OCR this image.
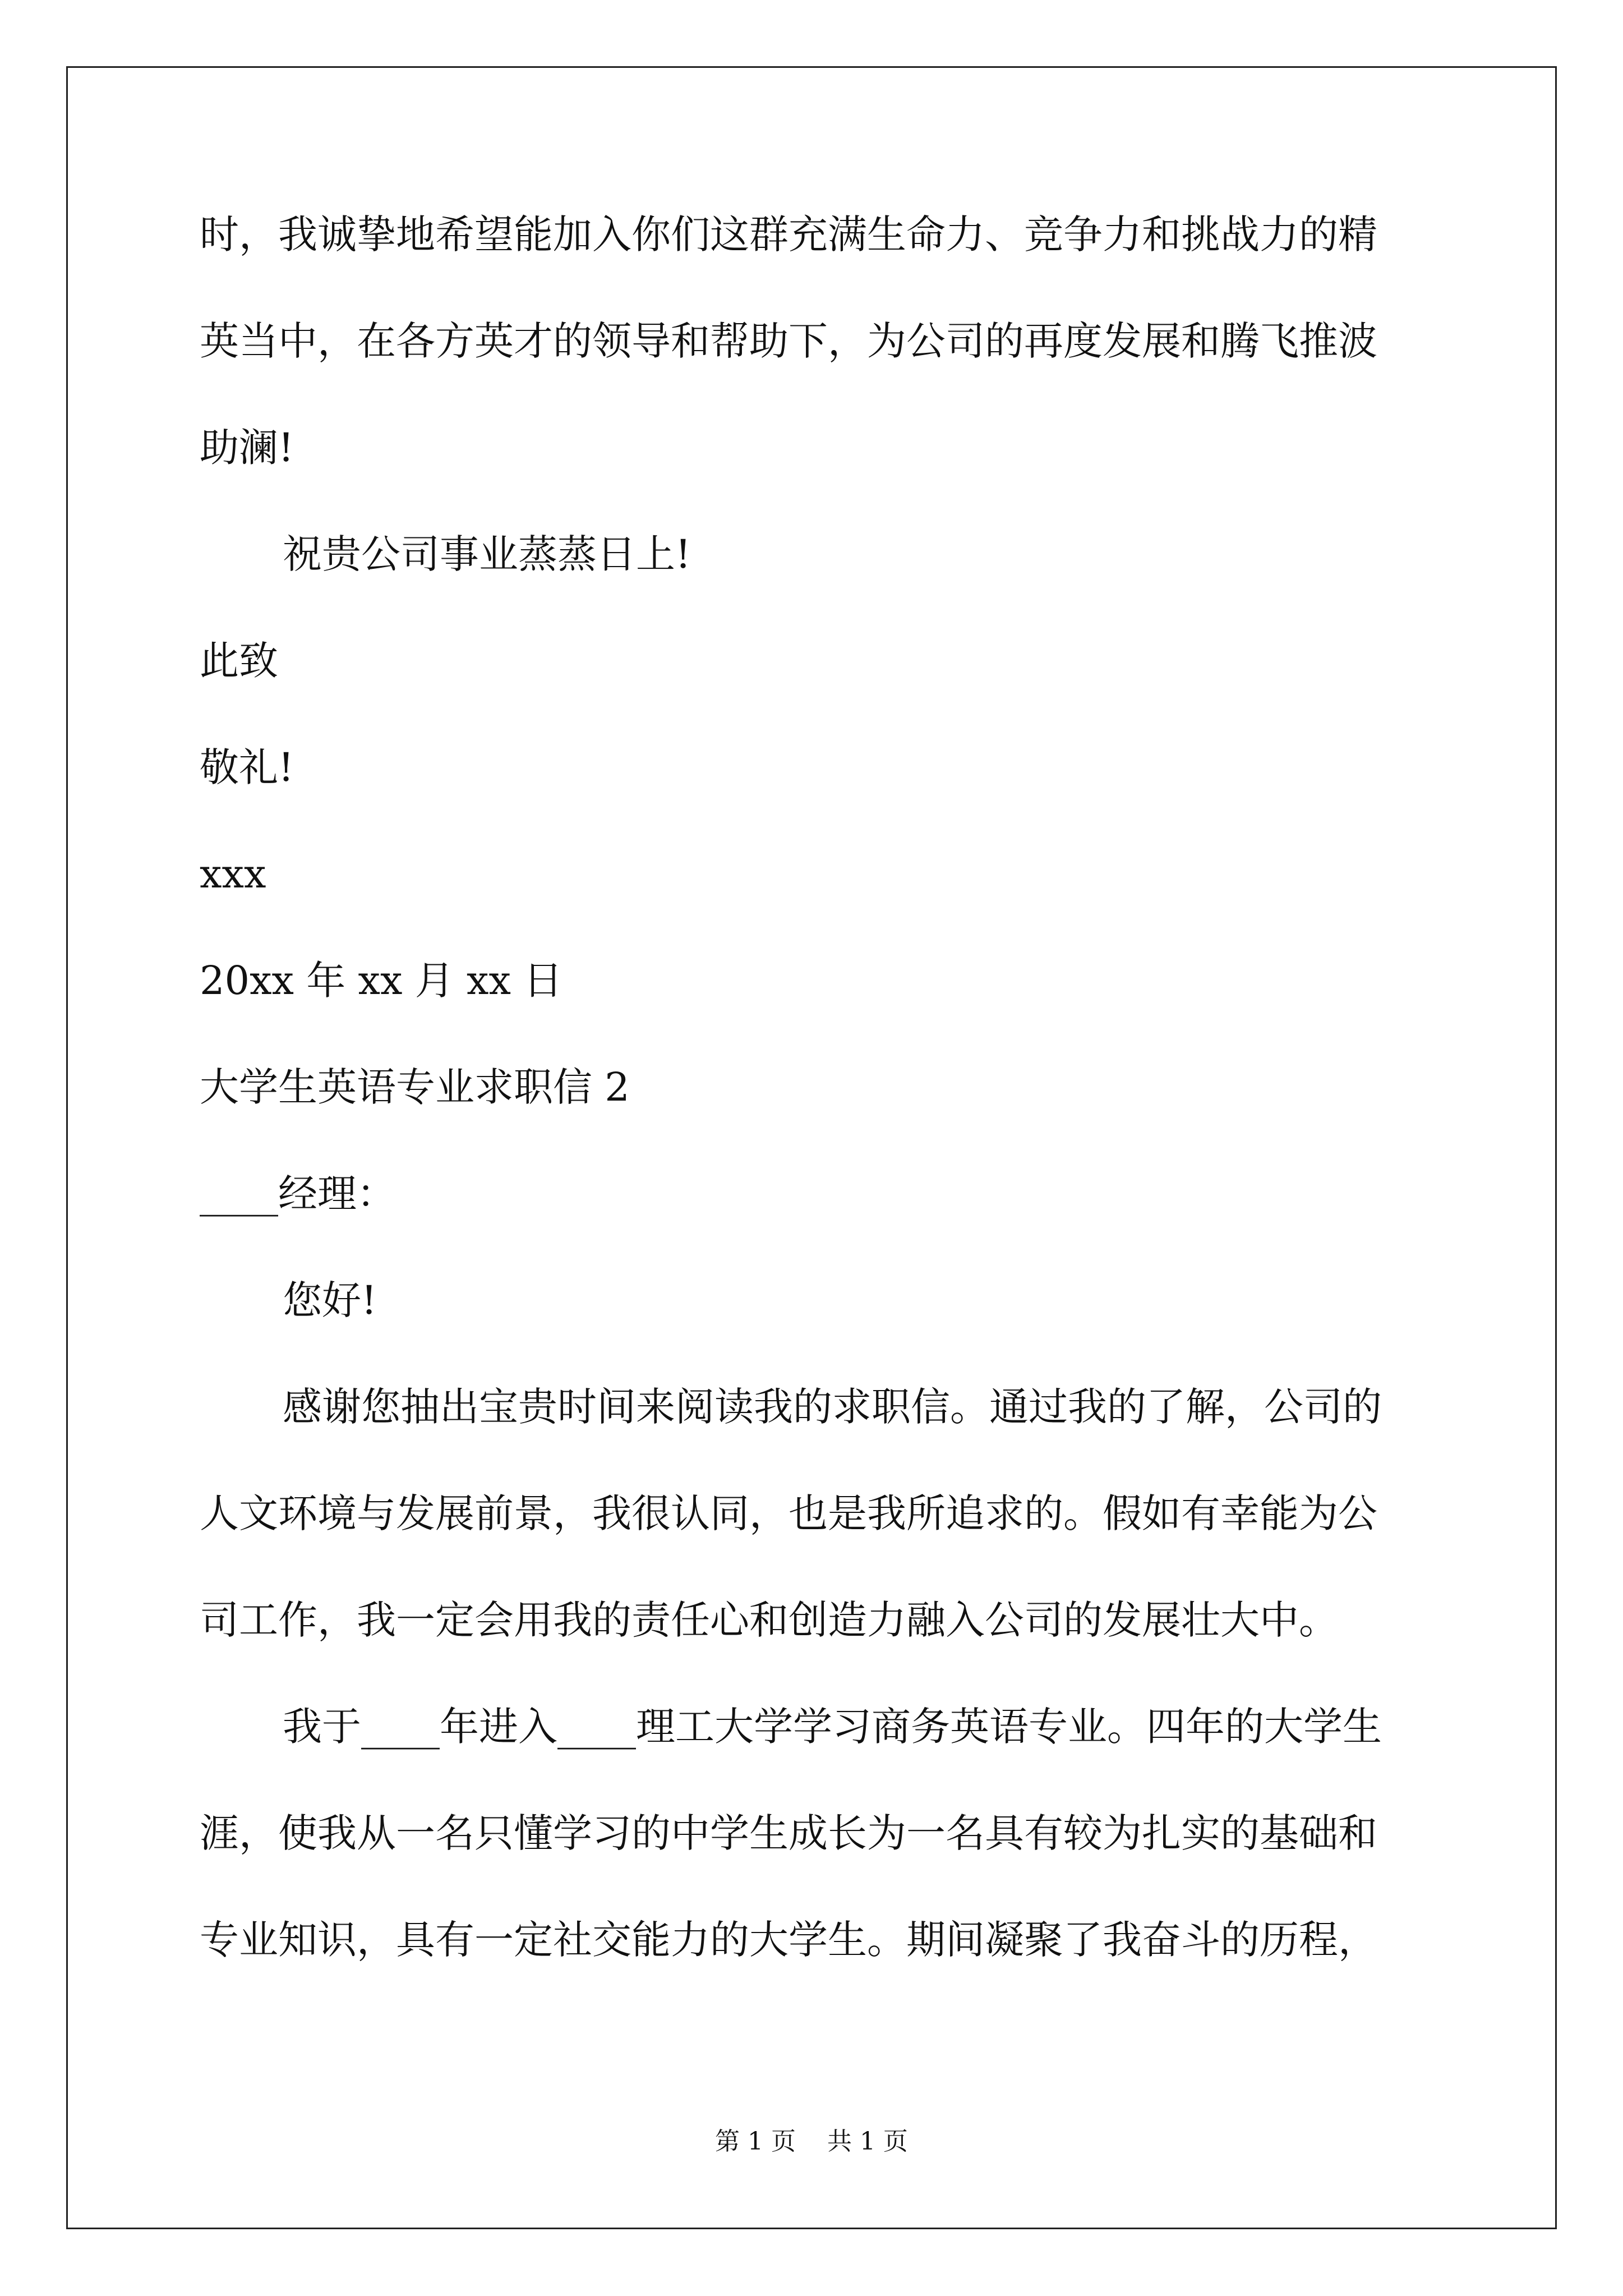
时，我诚挚地希望能加入你们这群充满生命力、竞争力和挑战力的精
英当中，在各方英才的领导和帮助下，为公司的再度发展和腾飞推波
助澜!
祝贵公司事业蒸蒸日上!
此致
敬礼!
xxx
20xx 年 xx 月 xx 日
大学生英语专业求职信 2
____经理：
您好!
感谢您抽出宝贵时间来阅读我的求职信。通过我的了解，公司的
人文环境与发展前景，我很认同，也是我所追求的。假如有幸能为公
司工作，我一定会用我的责任心和创造力融入公司的发展壮大中。
我于____年进入____理工大学学习商务英语专业。四年的大学生
涯，使我从一名只懂学习的中学生成长为一名具有较为扎实的基础和
专业知识，具有一定社交能力的大学生。期间凝聚了我奋斗的历程，
第 1 页    共 1 页
